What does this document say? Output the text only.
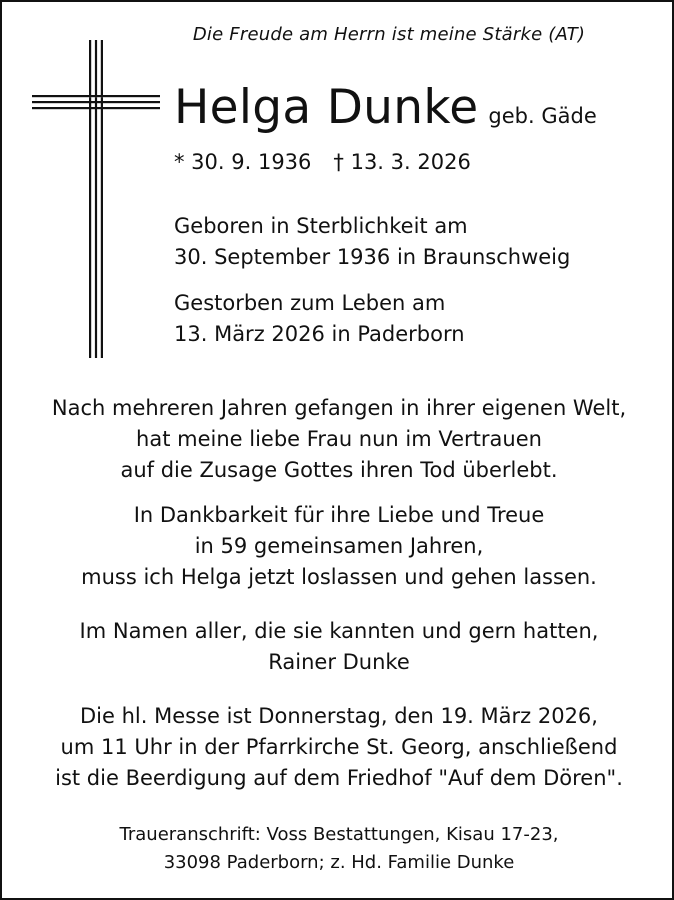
Die Freude am Herrn ist meine Stärke (AT)
Helga Dunke geb. Gäde
* 30. 9. 1936 † 13. 3. 2026
Geboren in Sterblichkeit am
30. September 1936 in Braunschweig
Gestorben zum Leben am
13. März 2026 in Paderborn
Nach mehreren Jahren gefangen in ihrer eigenen Welt,
hat meine liebe Frau nun im Vertrauen
auf die Zusage Gottes ihren Tod überlebt.
In Dankbarkeit für ihre Liebe und Treue
in 59 gemeinsamen Jahren,
muss ich Helga jetzt loslassen und gehen lassen.
Im Namen aller, die sie kannten und gern hatten,
Rainer Dunke
Die hl. Messe ist Donnerstag, den 19. März 2026,
um 11 Uhr in der Pfarrkirche St. Georg, anschließend
ist die Beerdigung auf dem Friedhof "Auf dem Dören".
Traueranschrift: Voss Bestattungen, Kisau 17-23,
33098 Paderborn; z. Hd. Familie Dunke
